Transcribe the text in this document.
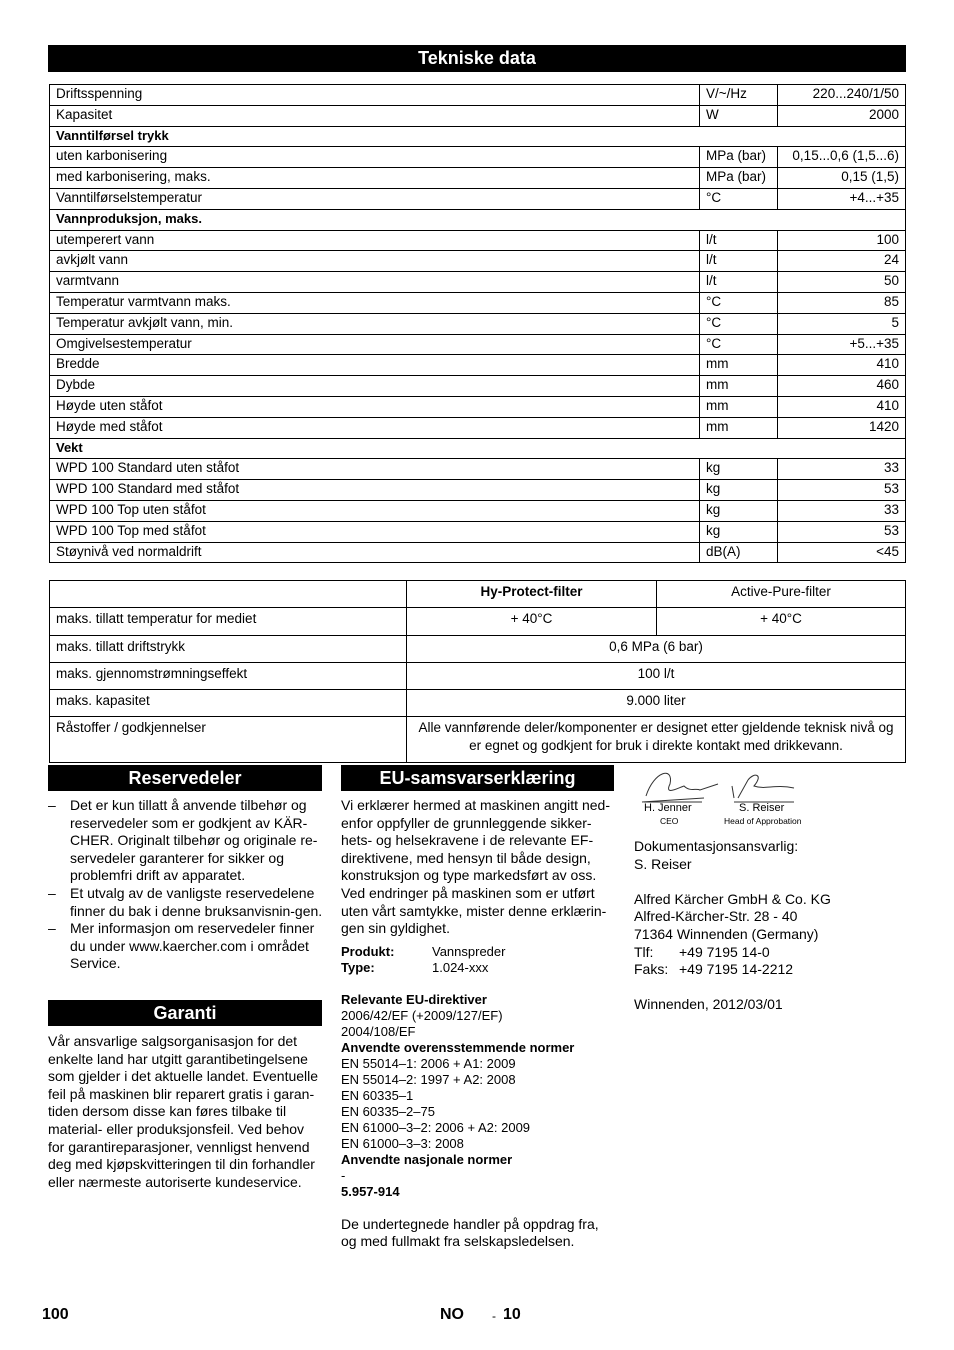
Tekniske data
Driftsspenning	V/~/Hz	220...240/1/50
Kapasitet	W	2000
Vanntilførsel trykk		
uten karbonisering	MPa (bar)	0,15...0,6 (1,5...6)
med karbonisering, maks.	MPa (bar)	0,15 (1,5)
Vanntilførselstemperatur	°C	+4...+35
Vannproduksjon, maks.		
utemperert vann	l/t	100
avkjølt vann	l/t	24
varmtvann	l/t	50
Temperatur varmtvann maks.	°C	85
Temperatur avkjølt vann, min.	°C	5
Omgivelsestemperatur	°C	+5...+35
Bredde	mm	410
Dybde	mm	460
Høyde uten ståfot	mm	410
Høyde med ståfot	mm	1420
Vekt		
WPD 100 Standard uten ståfot	kg	33
WPD 100 Standard med ståfot	kg	53
WPD 100 Top uten ståfot	kg	33
WPD 100 Top med ståfot	kg	53
Støynivå ved normaldrift	dB(A)	<45
	Hy-Protect-filter	Active-Pure-filter
maks. tillatt temperatur for mediet	+ 40°C	+ 40°C
maks. tillatt driftstrykk	0,6 MPa (6 bar)	
maks. gjennomstrømningseffekt	100 l/t	
maks. kapasitet	9.000 liter	
Råstoffer / godkjennelser	Alle vannførende deler/komponenter er designet etter gjeldende teknisk nivå og er egnet og godkjent for bruk i direkte kontakt med drikkevann.	
Reservedeler
–	Det er kun tillatt å anvende tilbehør og reservedeler som er godkjent av KÄR-CHER. Originalt tilbehør og originale re-servedeler garanterer for sikker og problemfri drift av apparatet.
–	Et utvalg av de vanligste reservedelene finner du bak i denne bruksanvisnin-gen.
–	Mer informasjon om reservedeler finner du under www.kaercher.com i området Service.
Garanti
Vår ansvarlige salgsorganisasjon for det enkelte land har utgitt garantibetingelsene som gjelder i det aktuelle landet. Eventuelle feil på maskinen blir reparert gratis i garan-tiden dersom disse kan føres tilbake til material- eller produksjonsfeil. Ved behov for garantireparasjoner, vennligst henvend deg med kjøpskvitteringen til din forhandler eller nærmeste autoriserte kundeservice.
EU-samsvarserklæring
Vi erklærer hermed at maskinen angitt ned-enfor oppfyller de grunnleggende sikker-hets- og helsekravene i de relevante EF-direktivene, med hensyn til både design, konstruksjon og type markedsført av oss. Ved endringer på maskinen som er utført uten vårt samtykke, mister denne erklærin-gen sin gyldighet.
Produkt:	Vannspreder
Type:	1.024-xxx
Relevante EU-direktiver
2006/42/EF (+2009/127/EF)
2004/108/EF
Anvendte overensstemmende normer
EN 55014–1: 2006 + A1: 2009
EN 55014–2: 1997 + A2: 2008
EN 60335–1
EN 60335–2–75
EN 61000–3–2: 2006 + A2: 2009
EN 61000–3–3: 2008
Anvendte nasjonale normer
-
5.957-914
De undertegnede handler på oppdrag fra, og med fullmakt fra selskapsledelsen.
H. Jenner
CEO
S. Reiser
Head of Approbation
Dokumentasjonsansvarlig:
S. Reiser
Alfred Kärcher GmbH & Co. KG
Alfred-Kärcher-Str. 28 - 40
71364 Winnenden (Germany)
Tlf:	+49 7195 14-0
Faks: +49 7195 14-2212
Winnenden, 2012/03/01
100	NO - 10
